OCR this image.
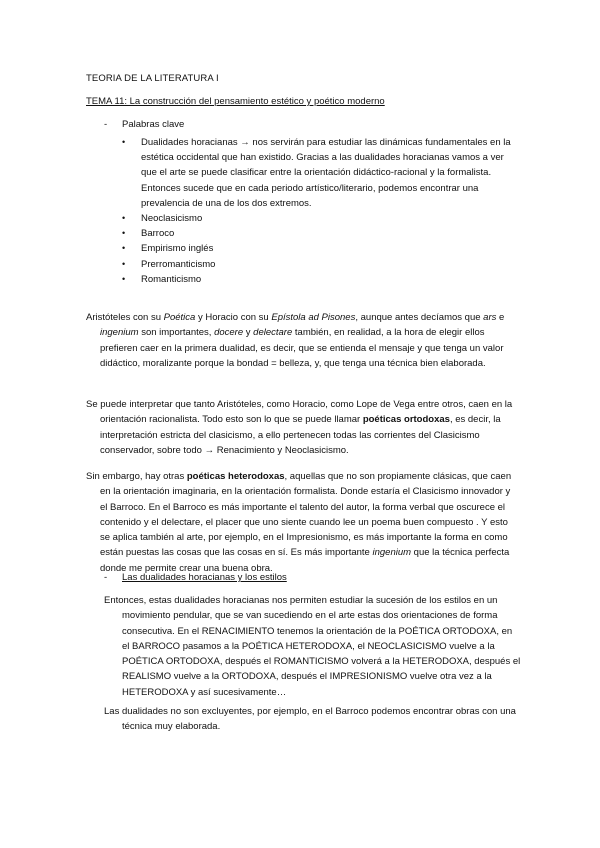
TEORIA DE LA LITERATURA I
TEMA 11: La construcción del pensamiento estético y poético moderno
- Palabras clave
• Dualidades horacianas → nos servirán para estudiar las dinámicas fundamentales en la estética occidental que han existido. Gracias a las dualidades horacianas vamos a ver que el arte se puede clasificar entre la orientación didáctico-racional y la formalista. Entonces sucede que en cada periodo artístico/literario, podemos encontrar una prevalencia de una de los dos extremos.
• Neoclasicismo
• Barroco
• Empirismo inglés
• Prerromanticismo
• Romanticismo

Aristóteles con su Poética y Horacio con su Epístola ad Pisones, aunque antes decíamos que ars e ingenium son importantes, docere y delectare también, en realidad, a la hora de elegir ellos prefieren caer en la primera dualidad, es decir, que se entienda el mensaje y que tenga un valor didáctico, moralizante porque la bondad = belleza, y, que tenga una técnica bien elaborada.

Se puede interpretar que tanto Aristóteles, como Horacio, como Lope de Vega entre otros, caen en la orientación racionalista. Todo esto son lo que se puede llamar poéticas ortodoxas, es decir, la interpretación estricta del clasicismo, a ello pertenecen todas las corrientes del Clasicismo conservador, sobre todo → Renacimiento y Neoclasicismo.

Sin embargo, hay otras poéticas heterodoxas, aquellas que no son propiamente clásicas, que caen en la orientación imaginaria, en la orientación formalista. Donde estaría el Clasicismo innovador y el Barroco. En el Barroco es más importante el talento del autor, la forma verbal que oscurece el contenido y el delectare, el placer que uno siente cuando lee un poema buen compuesto . Y esto se aplica también al arte, por ejemplo, en el Impresionismo, es más importante la forma en como están puestas las cosas que las cosas en sí. Es más importante ingenium que la técnica perfecta donde me permite crear una buena obra.

- Las dualidades horacianas y los estilos

Entonces, estas dualidades horacianas nos permiten estudiar la sucesión de los estilos en un movimiento pendular, que se van sucediendo en el arte estas dos orientaciones de forma consecutiva. En el RENACIMIENTO tenemos la orientación de la POÉTICA ORTODOXA, en el BARROCO pasamos a la POÉTICA HETERODOXA, el NEOCLASICISMO vuelve a la POÉTICA ORTODOXA, después el ROMANTICISMO volverá a la HETERODOXA, después el REALISMO vuelve a la ORTODOXA, después el IMPRESIONISMO vuelve otra vez a la HETERODOXA y así sucesivamente…

Las dualidades no son excluyentes, por ejemplo, en el Barroco podemos encontrar obras con una técnica muy elaborada.
